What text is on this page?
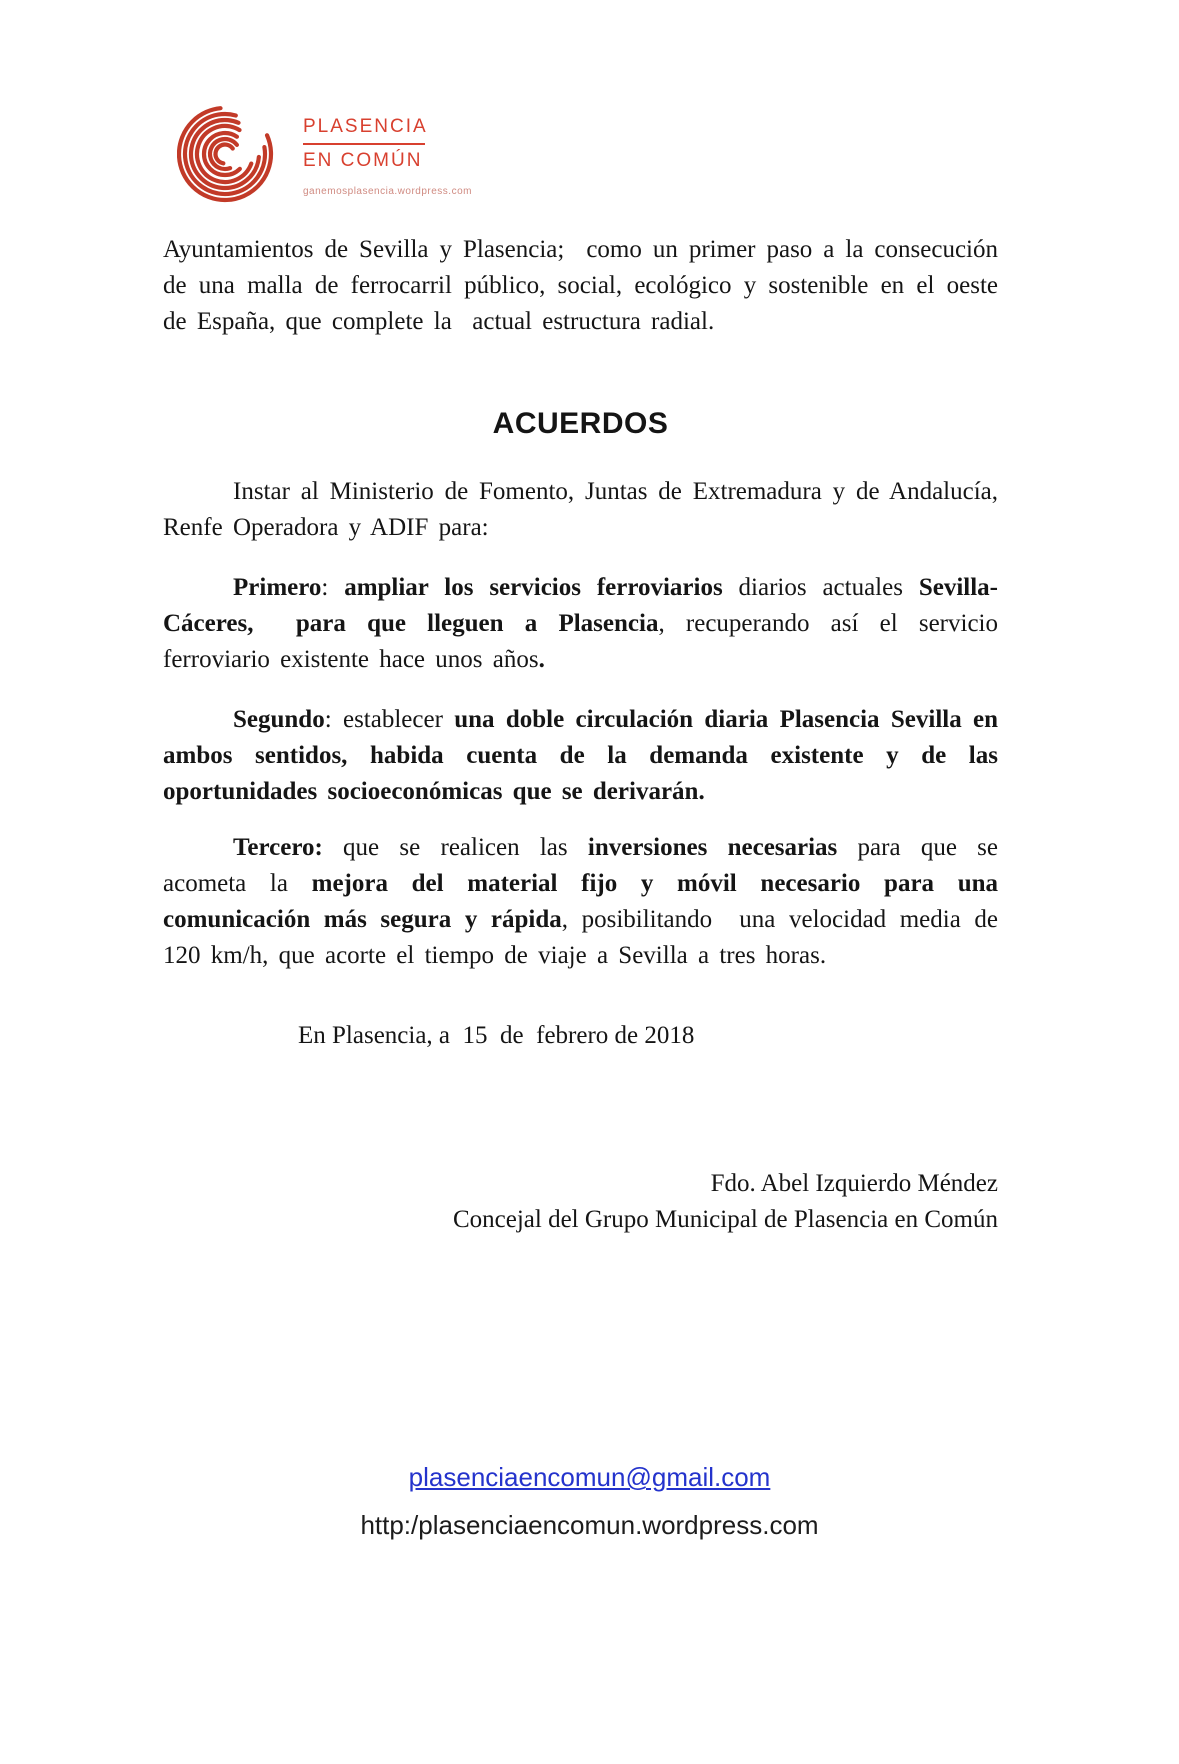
PLASENCIA
EN COMÚN
ganemosplasencia.wordpress.com

Ayuntamientos de Sevilla y Plasencia;  como un primer paso a la consecución de una malla de ferrocarril público, social, ecológico y sostenible en el oeste de España, que complete la  actual estructura radial.

ACUERDOS

Instar al Ministerio de Fomento, Juntas de Extremadura y de Andalucía, Renfe Operadora y ADIF para:

Primero: ampliar los servicios ferroviarios diarios actuales Sevilla-Cáceres,  para que lleguen a Plasencia, recuperando así el servicio ferroviario existente hace unos años.

Segundo: establecer una doble circulación diaria Plasencia Sevilla en ambos sentidos, habida cuenta de la demanda existente y de las oportunidades socioeconómicas que se derivarán.

Tercero: que se realicen las inversiones necesarias para que se acometa la mejora del material fijo y móvil necesario para una comunicación más segura y rápida, posibilitando  una velocidad media de 120 km/h, que acorte el tiempo de viaje a Sevilla a tres horas.

En Plasencia, a  15  de  febrero de 2018

Fdo. Abel Izquierdo Méndez
Concejal del Grupo Municipal de Plasencia en Común
plasenciaencomun@gmail.com
http:/plasenciaencomun.wordpress.com
